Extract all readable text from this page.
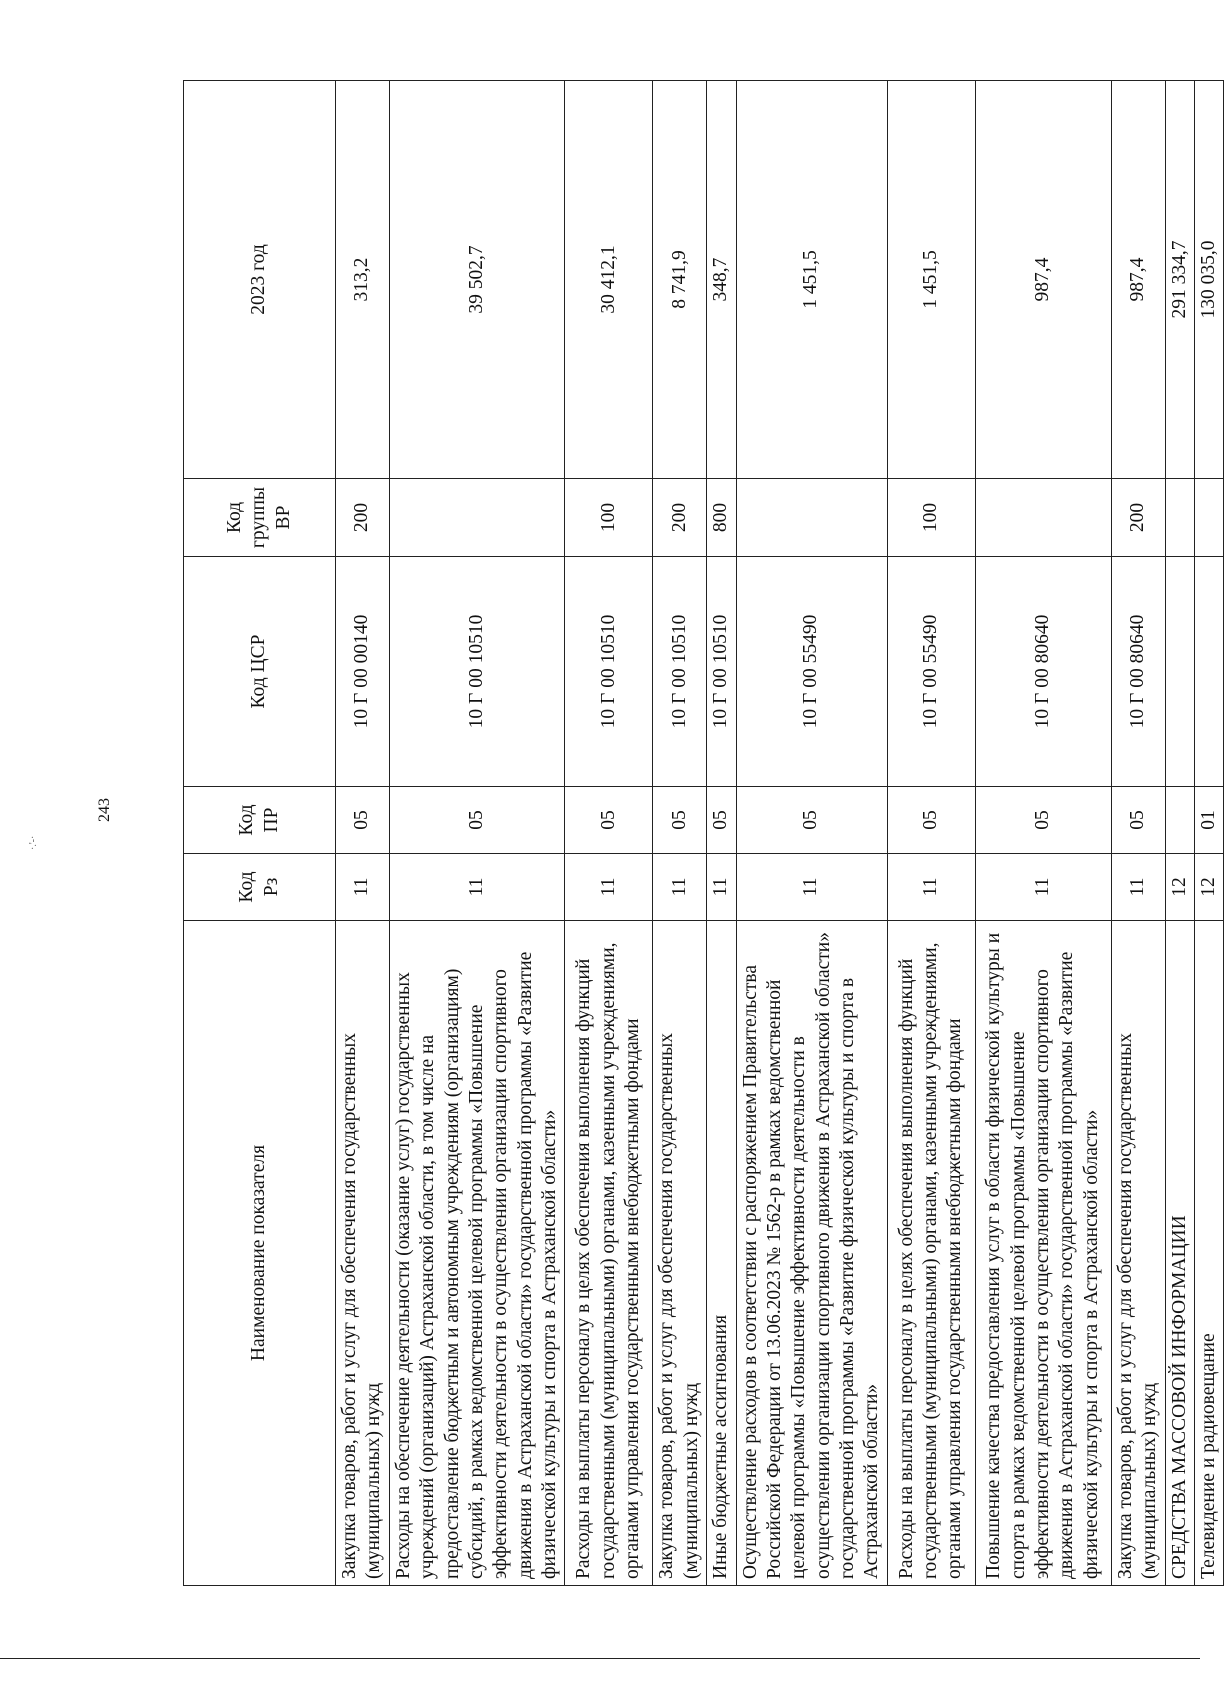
243
·.'-·
Наименование показателя	Код Рз	Код ПР	Код ЦСР	Код группы ВР	2023 год
Закупка товаров, работ и услуг для обеспечения государственных (муниципальных) нужд	11	05	10 Г 00 00140	200	313,2
Расходы на обеспечение деятельности (оказание услуг) государственных учреждений (организаций) Астраханской области, в том числе на предоставление бюджетным и автономным учреждениям (организациям) субсидий, в рамках ведомственной целевой программы «Повышение эффективности деятельности в осуществлении организации спортивного движения в Астраханской области» государственной программы «Развитие физической культуры и спорта в Астраханской области»	11	05	10 Г 00 10510		39 502,7
Расходы на выплаты персоналу в целях обеспечения выполнения функций государственными (муниципальными) органами, казенными учреждениями, органами управления государственными внебюджетными фондами	11	05	10 Г 00 10510	100	30 412,1
Закупка товаров, работ и услуг для обеспечения государственных (муниципальных) нужд	11	05	10 Г 00 10510	200	8 741,9
Иные бюджетные ассигнования	11	05	10 Г 00 10510	800	348,7
Осуществление расходов в соответствии с распоряжением Правительства Российской Федерации от 13.06.2023 № 1562-р в рамках ведомственной целевой программы «Повышение эффективности деятельности в осуществлении организации спортивного движения в Астраханской области» государственной программы «Развитие физической культуры и спорта в Астраханской области»	11	05	10 Г 00 55490		1 451,5
Расходы на выплаты персоналу в целях обеспечения выполнения функций государственными (муниципальными) органами, казенными учреждениями, органами управления государственными внебюджетными фондами	11	05	10 Г 00 55490	100	1 451,5
Повышение качества предоставления услуг в области физической культуры и спорта в рамках ведомственной целевой программы «Повышение эффективности деятельности в осуществлении организации спортивного движения в Астраханской области» государственной программы «Развитие физической культуры и спорта в Астраханской области»	11	05	10 Г 00 80640		987,4
Закупка товаров, работ и услуг для обеспечения государственных (муниципальных) нужд	11	05	10 Г 00 80640	200	987,4
СРЕДСТВА МАССОВОЙ ИНФОРМАЦИИ	12				291 334,7
Телевидение и радиовещание	12	01			130 035,0
